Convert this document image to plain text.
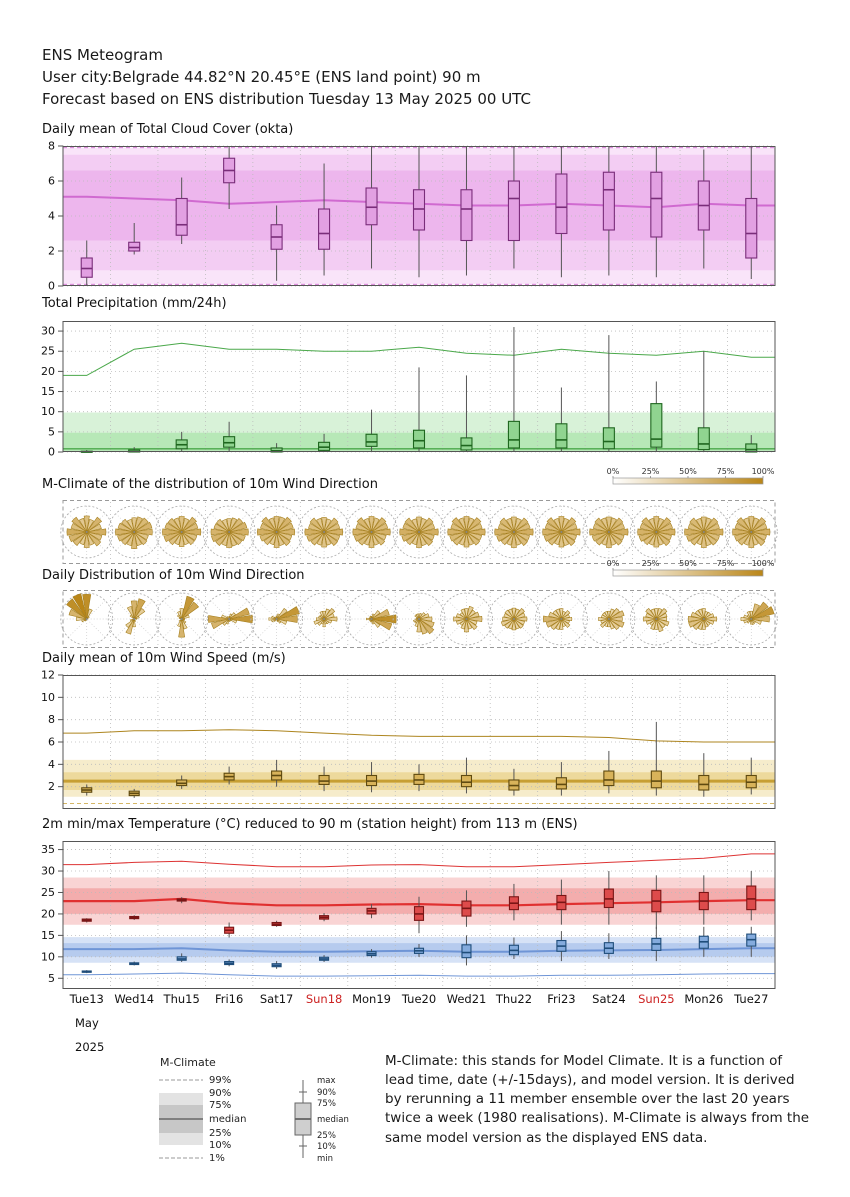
ENS Meteogram
User city:Belgrade 44.82°N 20.45°E (ENS land point) 90 m
Forecast based on ENS distribution Tuesday 13 May 2025 00 UTC
Daily mean of Total Cloud Cover (okta)
0
2
4
6
8
Total Precipitation (mm/24h)
0
5
10
15
20
25
30
M-Climate of the distribution of 10m Wind Direction
0%	25% 50% 75% 100%
Daily Distribution of 10m Wind Direction
0%	25% 50% 75% 100%
Daily mean of 10m Wind Speed (m/s)
2
4
6
8
10
12
2m min/max Temperature (°C) reduced to 90 m (station height) from 113 m (ENS)
5
10
15
20
25
30
35
Tue13 Wed14 Thu15	Fri16	Sat17	Sun18 Mon19 Tue20 Wed21 Thu22	Fri23	Sat24	Sun25 Mon26 Tue27
May
2025
M-Climate
99%
90%
75%
median
25%
10%
1%
max
90%
75%
median
25%
10%
min
M-Climate: this stands for Model Climate. It is a function of lead time, date (+/-15days), and model version. It is derived by rerunning a 11 member ensemble over the last 20 years twice a week (1980 realisations). M-Climate is always from the same model version as the displayed ENS data.
